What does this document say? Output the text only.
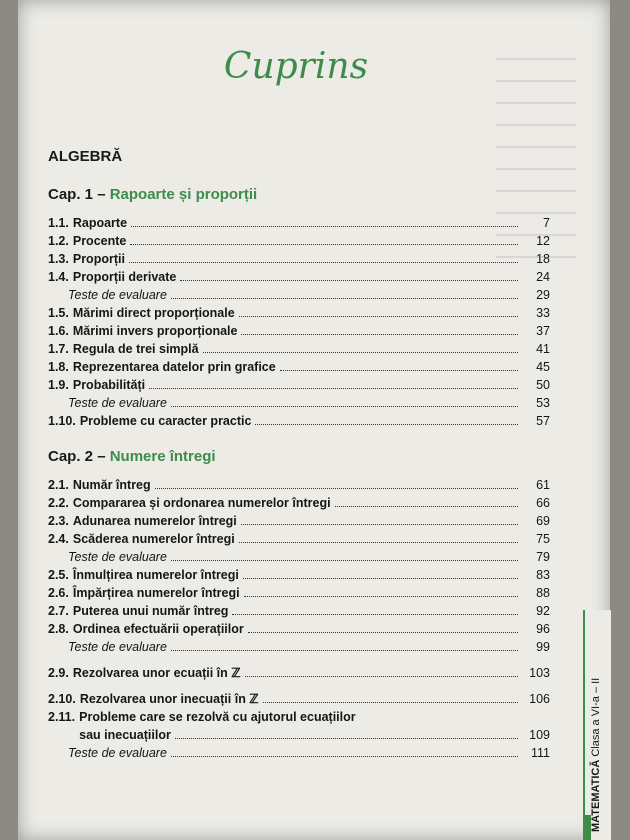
Cuprins
ALGEBRĂ
Cap. 1 – Rapoarte și proporții
1.1. Rapoarte	7
1.2. Procente	12
1.3. Proporții	18
1.4. Proporții derivate	24
Teste de evaluare	29
1.5. Mărimi direct proporționale	33
1.6. Mărimi invers proporționale	37
1.7. Regula de trei simplă	41
1.8. Reprezentarea datelor prin grafice	45
1.9. Probabilități	50
Teste de evaluare	53
1.10. Probleme cu caracter practic	57
Cap. 2 – Numere întregi
2.1. Număr întreg	61
2.2. Compararea și ordonarea numerelor întregi	66
2.3. Adunarea numerelor întregi	69
2.4. Scăderea numerelor întregi	75
Teste de evaluare	79
2.5. Înmulțirea numerelor întregi	83
2.6. Împărțirea numerelor întregi	88
2.7. Puterea unui număr întreg	92
2.8. Ordinea efectuării operațiilor	96
Teste de evaluare	99
2.9. Rezolvarea unor ecuații în ℤ	103
2.10. Rezolvarea unor inecuații în ℤ	106
2.11. Probleme care se rezolvă cu ajutorul ecuațiilor
sau inecuațiilor	109
Teste de evaluare	111
MATEMATICĂ Clasa a VI-a – II
